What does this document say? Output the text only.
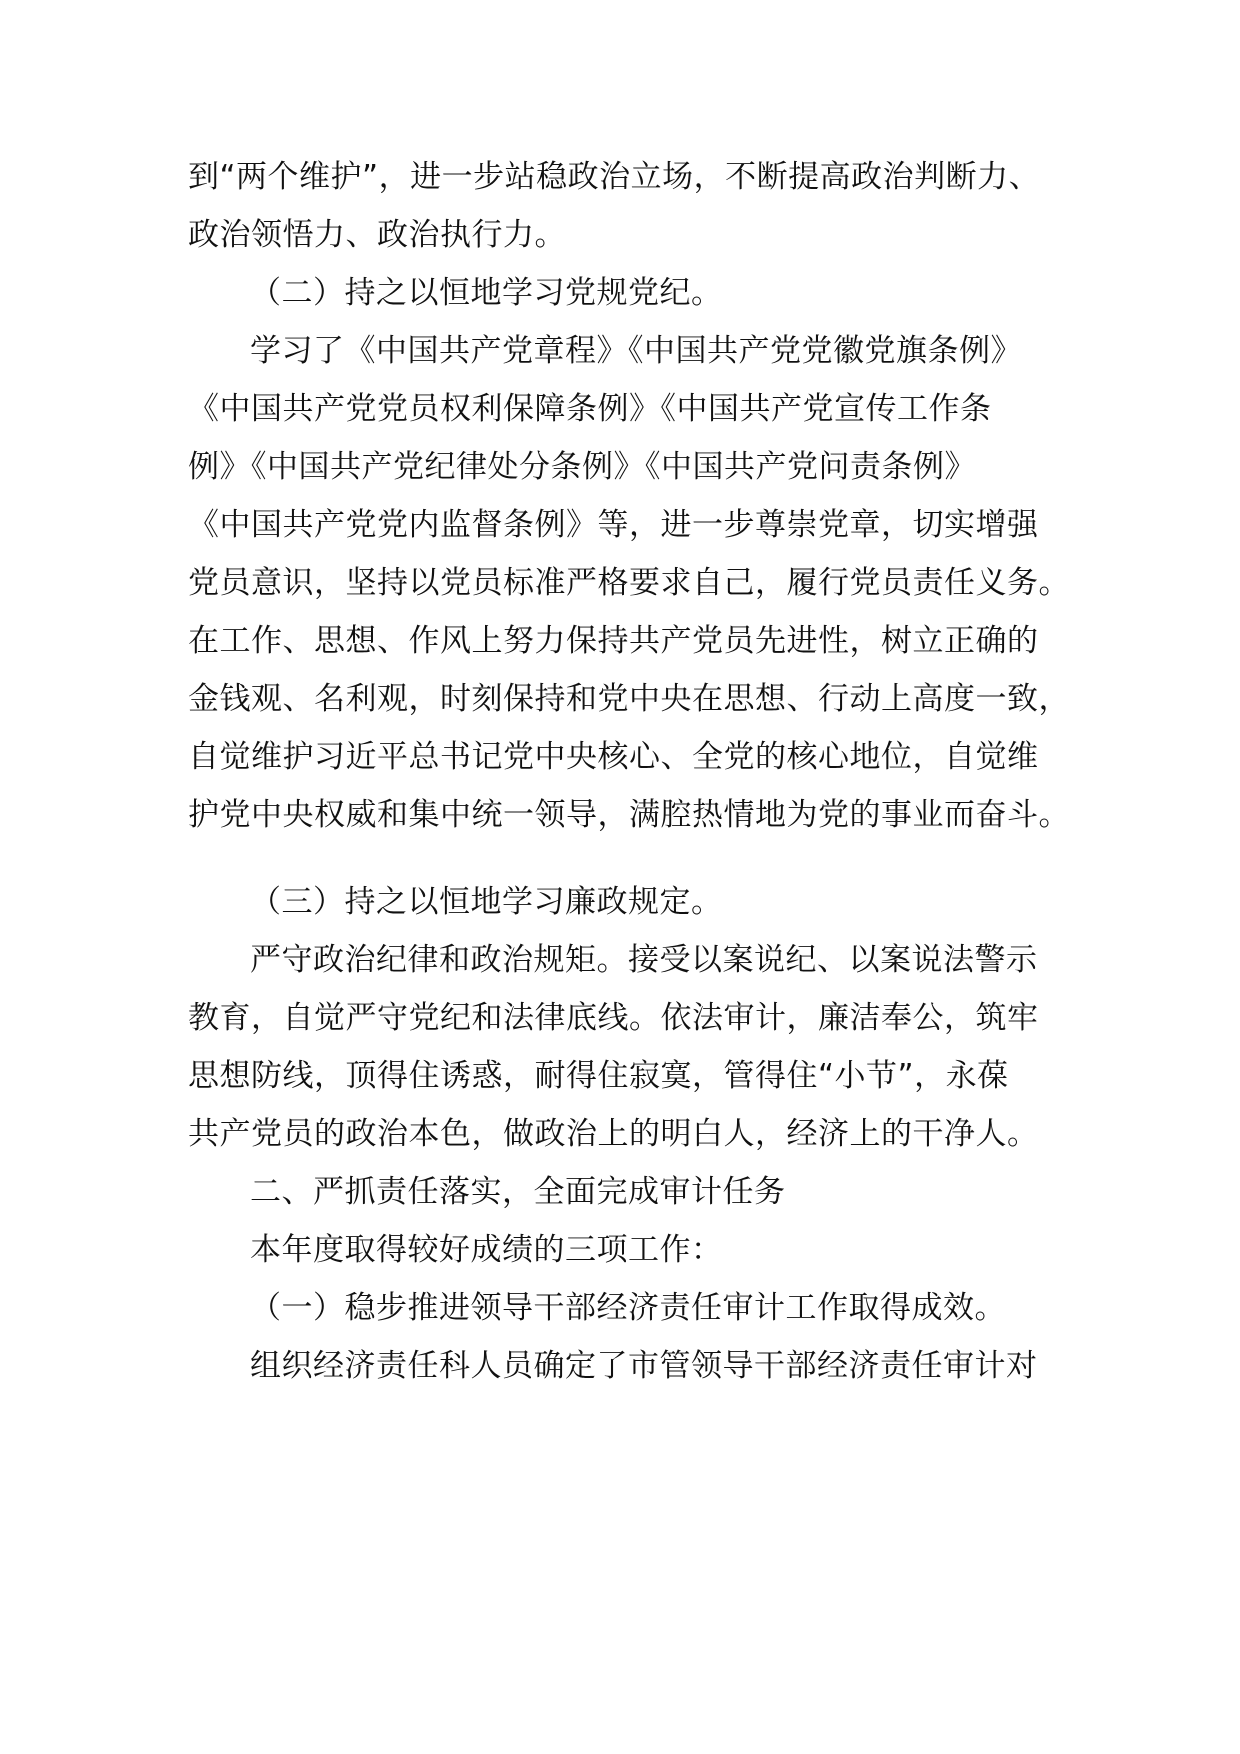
到“两个维护”，进一步站稳政治立场，不断提高政治判断力、
政治领悟力、政治执行力。
（二）持之以恒地学习党规党纪。
学习了《中国共产党章程》《中国共产党党徽党旗条例》
《中国共产党党员权利保障条例》《中国共产党宣传工作条
例》《中国共产党纪律处分条例》《中国共产党问责条例》
《中国共产党党内监督条例》等，进一步尊崇党章，切实增强
党员意识，坚持以党员标准严格要求自己，履行党员责任义务。
在工作、思想、作风上努力保持共产党员先进性，树立正确的
金钱观、名利观，时刻保持和党中央在思想、行动上高度一致，
自觉维护习近平总书记党中央核心、全党的核心地位，自觉维
护党中央权威和集中统一领导，满腔热情地为党的事业而奋斗。
（三）持之以恒地学习廉政规定。
严守政治纪律和政治规矩。接受以案说纪、以案说法警示
教育，自觉严守党纪和法律底线。依法审计，廉洁奉公，筑牢
思想防线，顶得住诱惑，耐得住寂寞，管得住“小节”，永葆
共产党员的政治本色，做政治上的明白人，经济上的干净人。
二、严抓责任落实，全面完成审计任务
本年度取得较好成绩的三项工作：
（一）稳步推进领导干部经济责任审计工作取得成效。
组织经济责任科人员确定了市管领导干部经济责任审计对
